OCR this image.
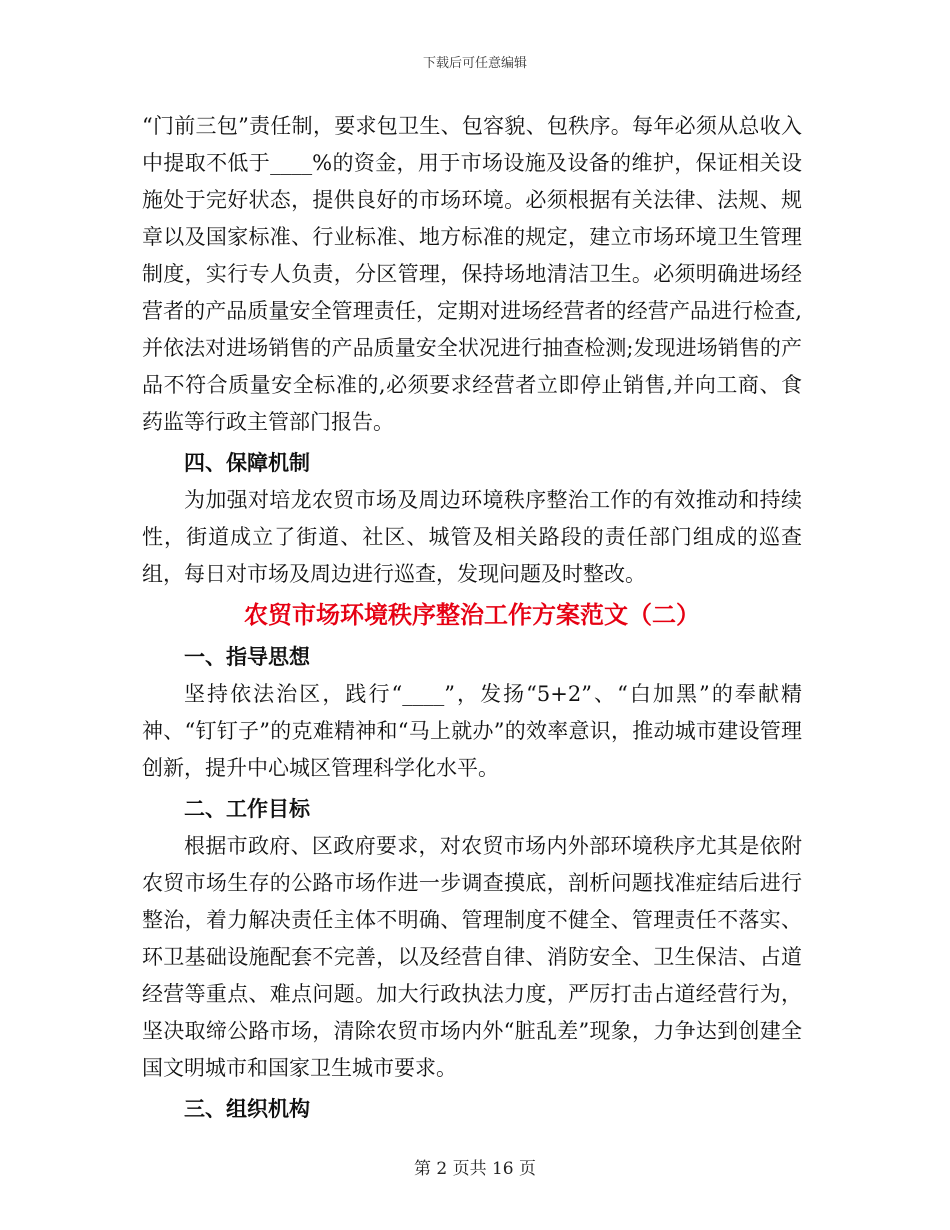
下载后可任意编辑

“门前三包”责任制，要求包卫生、包容貌、包秩序。每年必须从总收入中提取不低于____%的资金，用于市场设施及设备的维护，保证相关设施处于完好状态，提供良好的市场环境。必须根据有关法律、法规、规章以及国家标准、行业标准、地方标准的规定，建立市场环境卫生管理制度，实行专人负责，分区管理，保持场地清洁卫生。必须明确进场经营者的产品质量安全管理责任，定期对进场经营者的经营产品进行检查,并依法对进场销售的产品质量安全状况进行抽查检测;发现进场销售的产品不符合质量安全标准的,必须要求经营者立即停止销售,并向工商、食药监等行政主管部门报告。

四、保障机制

为加强对培龙农贸市场及周边环境秩序整治工作的有效推动和持续性，街道成立了街道、社区、城管及相关路段的责任部门组成的巡查组，每日对市场及周边进行巡查，发现问题及时整改。

农贸市场环境秩序整治工作方案范文（二）

一、指导思想

坚持依法治区，践行“____”，发扬“5+2”、“白加黑”的奉献精神、“钉钉子”的克难精神和“马上就办”的效率意识，推动城市建设管理创新，提升中心城区管理科学化水平。

二、工作目标

根据市政府、区政府要求，对农贸市场内外部环境秩序尤其是依附农贸市场生存的公路市场作进一步调查摸底，剖析问题找准症结后进行整治，着力解决责任主体不明确、管理制度不健全、管理责任不落实、环卫基础设施配套不完善，以及经营自律、消防安全、卫生保洁、占道经营等重点、难点问题。加大行政执法力度，严厉打击占道经营行为，坚决取缔公路市场，清除农贸市场内外“脏乱差”现象，力争达到创建全国文明城市和国家卫生城市要求。

三、组织机构

第 2 页共 16 页
